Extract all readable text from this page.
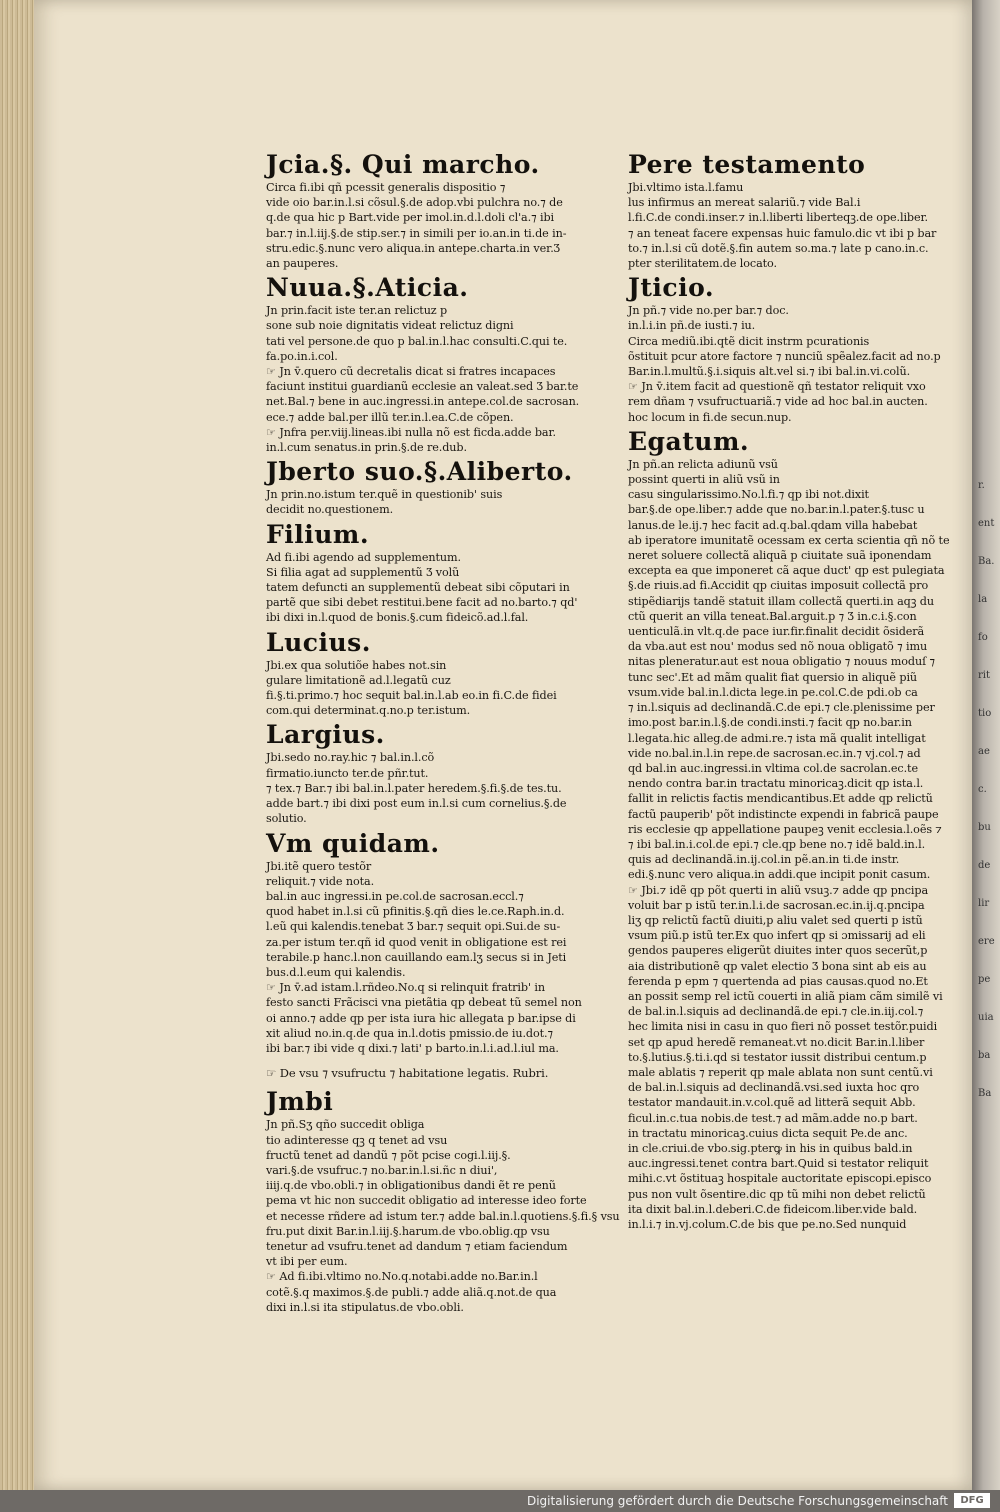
r.
ent
Ba.
la
fo
rit
tio
ae
c.
bu
de
lir
ere
pe
uia
ba
Ba
Jcia.§. Qui marcho.
Circa fi.ibi qñ pcessit generalis dispositio ⁊
vide oio bar.in.l.si cõsul.§.de adop.vbi pulchra no.⁊ de
q.de qua hic p Bart.vide per imol.in.d.l.doli cl'a.⁊ ibi
bar.⁊ in.l.iij.§.de stip.ser.⁊ in simili per io.an.in ti.de in-
stru.edic.§.nunc vero aliqua.in antepe.charta.in ver.Ʒ
an pauperes.
Nuua.§.Aticia.
Jn prin.facit iste ter.an relictuz p
sone sub noie dignitatis videat relictuz digni
tati vel persone.de quo p bal.in.l.hac consulti.C.qui te.
fa.po.in.i.col.
☞ Jn v̄.quero cũ decretalis dicat si fratres incapaces
faciunt institui guardianũ ecclesie an valeat.sed Ʒ bar.te
net.Bal.⁊ bene in auc.ingressi.in antepe.col.de sacrosan.
ece.⁊ adde bal.per illũ ter.in.l.ea.C.de cõpen.
☞ Jnfra per.viij.lineas.ibi nulla nõ est ficda.adde bar.
in.l.cum senatus.in prin.§.de re.dub.
Jberto suo.§.Aliberto.
Jn prin.no.istum ter.quẽ in questionib' suis
decidit no.questionem.
Filium.
Ad fi.ibi agendo ad supplementum.
Si filia agat ad supplementũ Ʒ volũ
tatem defuncti an supplementũ debeat sibi cõputari in
partẽ que sibi debet restitui.bene facit ad no.barto.⁊ qd'
ibi dixi in.l.quod de bonis.§.cum fideicõ.ad.l.fal.
Lucius.
Jbi.ex qua solutiõe habes not.sin
gulare limitationẽ ad.l.legatũ cuz
fi.§.ti.primo.⁊ hoc sequit bal.in.l.ab eo.in fi.C.de fidei
com.qui determinat.q.no.p ter.istum.
Largius.
Jbi.sedo no.ray.hic ⁊ bal.in.l.cõ
firmatio.iuncto ter.de pñr.tut.
⁊ tex.⁊ Bar.⁊ ibi bal.in.l.pater heredem.§.fi.§.de tes.tu.
adde bart.⁊ ibi dixi post eum in.l.si cum cornelius.§.de
solutio.
Vm quidam.
Jbi.itẽ quero testõr
reliquit.⁊ vide nota.
bal.in auc ingressi.in pe.col.de sacrosan.eccl.⁊
quod habet in.l.si cũ pfinitis.§.qñ dies le.ce.Raph.in.d.
l.eũ qui kalendis.tenebat Ʒ bar.⁊ sequit opi.Sui.de su-
za.per istum ter.qñ id quod venit in obligatione est rei
terabile.p hanc.l.non cauillando eam.lʒ secus si in Jeti
bus.d.l.eum qui kalendis.
☞ Jn v̄.ad istam.l.rñdeo.No.q si relinquit fratrib' in
festo sancti Frãcisci vna pietãtia qp debeat tũ semel non
oi anno.⁊ adde qp per ista iura hic allegata p bar.ipse di
xit aliud no.in.q.de qua in.l.dotis pmissio.de iu.dot.⁊
ibi bar.⁊ ibi vide q dixi.⁊ lati' p barto.in.l.i.ad.l.iul ma.
☞ De vsu ⁊ vsufructu ⁊ habitatione legatis. Rubri.
Jmbi
Jn pñ.Sʒ qño succedit obliga
tio adinteresse qꝫ q tenet ad vsu
fructũ tenet ad dandũ ⁊ põt pcise cogi.l.iij.§.
vari.§.de vsufruc.⁊ no.bar.in.l.si.ñc n diui',
iiij.q.de vbo.obli.⁊ in obligationibus dandi ẽt re penũ
pema vt hic non succedit obligatio ad interesse ideo forte
et necesse rñdere ad istum ter.⁊ adde bal.in.l.quotiens.§.fi.§ vsu
fru.put dixit Bar.in.l.iij.§.harum.de vbo.oblig.qp vsu
tenetur ad vsufru.tenet ad dandum ⁊ etiam faciendum
vt ibi per eum.
☞ Ad fi.ibi.vltimo no.No.q.notabi.adde no.Bar.in.l
cotẽ.§.q maximos.§.de publi.⁊ adde aliã.q.not.de qua
dixi in.l.si ita stipulatus.de vbo.obli.
Pere testamento
Jbi.vltimo ista.l.famu
lus infirmus an mereat salariũ.⁊ vide Bal.i
l.fi.C.de condi.inser.⁊ in.l.liberti liberteqꝫ.de ope.liber.
⁊ an teneat facere expensas huic famulo.dic vt ibi p bar
to.⁊ in.l.si cũ dotẽ.§.fin autem so.ma.⁊ late p cano.in.c.
pter sterilitatem.de locato.
Jticio.
Jn pñ.⁊ vide no.per bar.⁊ doc.
in.l.i.in pñ.de iusti.⁊ iu.
Circa mediũ.ibi.qtẽ dicit instrm pcurationis
õstituit pcur atore factore ⁊ nunciũ spẽalez.facit ad no.p
Bar.in.l.multũ.§.i.siquis alt.vel si.⁊ ibi bal.in.vi.colũ.
☞ Jn v̄.item facit ad questionẽ qñ testator reliquit vxo
rem dñam ⁊ vsufructuariã.⁊ vide ad hoc bal.in aucten.
hoc locum in fi.de secun.nup.
Egatum.
Jn pñ.an relicta adiunũ vsũ
possint querti in aliũ vsũ in
casu singularissimo.No.l.fi.⁊ qp ibi not.dixit
bar.§.de ope.liber.⁊ adde que no.bar.in.l.pater.§.tusc u
lanus.de le.ij.⁊ hec facit ad.q.bal.qdam villa habebat
ab iperatore imunitatẽ ocessam ex certa scientia qñ nõ te
neret soluere collectã aliquã p ciuitate suã iponendam
excepta ea que imponeret cã aque duct' qp est pulegiata
§.de riuis.ad fi.Accidit qp ciuitas imposuit collectã pro
stipẽdiarijs tandẽ statuit illam collectã querti.in aqꝫ du
ctũ querit an villa teneat.Bal.arguit.p ⁊ Ʒ in.c.i.§.con
uenticulã.in vlt.q.de pace iur.fir.finalit decidit õsiderã
da vba.aut est nou' modus sed nõ noua obligatõ ⁊ imu
nitas pleneratur.aut est noua obligatio ⁊ nouus moduſ ⁊
tunc sec'.Et ad mãm qualit fiat quersio in aliquẽ piũ
vsum.vide bal.in.l.dicta lege.in pe.col.C.de pdi.ob ca
⁊ in.l.siquis ad declinandã.C.de epi.⁊ cle.plenissime per
imo.post bar.in.l.§.de condi.insti.⁊ facit qp no.bar.in
l.legata.hic alleg.de admi.re.⁊ ista mã qualit intelligat
vide no.bal.in.l.in repe.de sacrosan.ec.in.⁊ vj.col.⁊ ad
qd bal.in auc.ingressi.in vltima col.de sacrolan.ec.te
nendo contra bar.in tractatu minoricaꝫ.dicit qp ista.l.
fallit in relictis factis mendicantibus.Et adde qp relictũ
factũ pauperib' põt indistincte expendi in fabricã paupe
ris ecclesie qp appellatione paupeꝫ venit ecclesia.l.oẽs ⁊
⁊ ibi bal.in.i.col.de epi.⁊ cle.qp bene no.⁊ idẽ bald.in.l.
quis ad declinandã.in.ij.col.in pẽ.an.in ti.de instr.
edi.§.nunc vero aliqua.in addi.que incipit ponit casum.
☞ Jbi.⁊ idẽ qp põt querti in aliũ vsuꝫ.⁊ adde qp pncipa
voluit bar p istũ ter.in.l.i.de sacrosan.ec.in.ij.q.pncipa
liʒ qp relictũ factũ diuiti,p aliu valet sed querti p istũ
vsum piũ.p istũ ter.Ex quo infert qp si ɔmissarij ad eli
gendos pauperes eligerũt diuites inter quos secerũt,p
aia distributionẽ qp valet electio Ʒ bona sint ab eis au
ferenda p epm ⁊ quertenda ad pias causas.quod no.Et
an possit semp rel ictũ couerti in aliã piam cãm similẽ vi
de bal.in.l.siquis ad declinandã.de epi.⁊ cle.in.iij.col.⁊
hec limita nisi in casu in quo fieri nõ posset testõr.puidi
set qp apud heredẽ remaneat.vt no.dicit Bar.in.l.liber
to.§.lutius.§.ti.i.qd si testator iussit distribui centum.p
male ablatis ⁊ reperit qp male ablata non sunt centũ.vi
de bal.in.l.siquis ad declinandã.vsi.sed iuxta hoc qro
testator mandauit.in.v.col.quẽ ad litterã sequit Abb.
ficul.in.c.tua nobis.de test.⁊ ad mãm.adde no.p bart.
in tractatu minoricaꝫ.cuius dicta sequit Pe.de anc.
in cle.criui.de vbo.sig.pterꝙ in his in quibus bald.in
auc.ingressi.tenet contra bart.Quid si testator reliquit
mihi.c.vt õstituaꝫ hospitale auctoritate episcopi.episco
pus non vult õsentire.dic qp tũ mihi non debet relictũ
ita dixit bal.in.l.deberi.C.de fideicom.liber.vide bald.
in.l.i.⁊ in.vj.colum.C.de bis que pe.no.Sed nunquid
Digitalisierung gefördert durch die Deutsche Forschungsgemeinschaft	DFG
